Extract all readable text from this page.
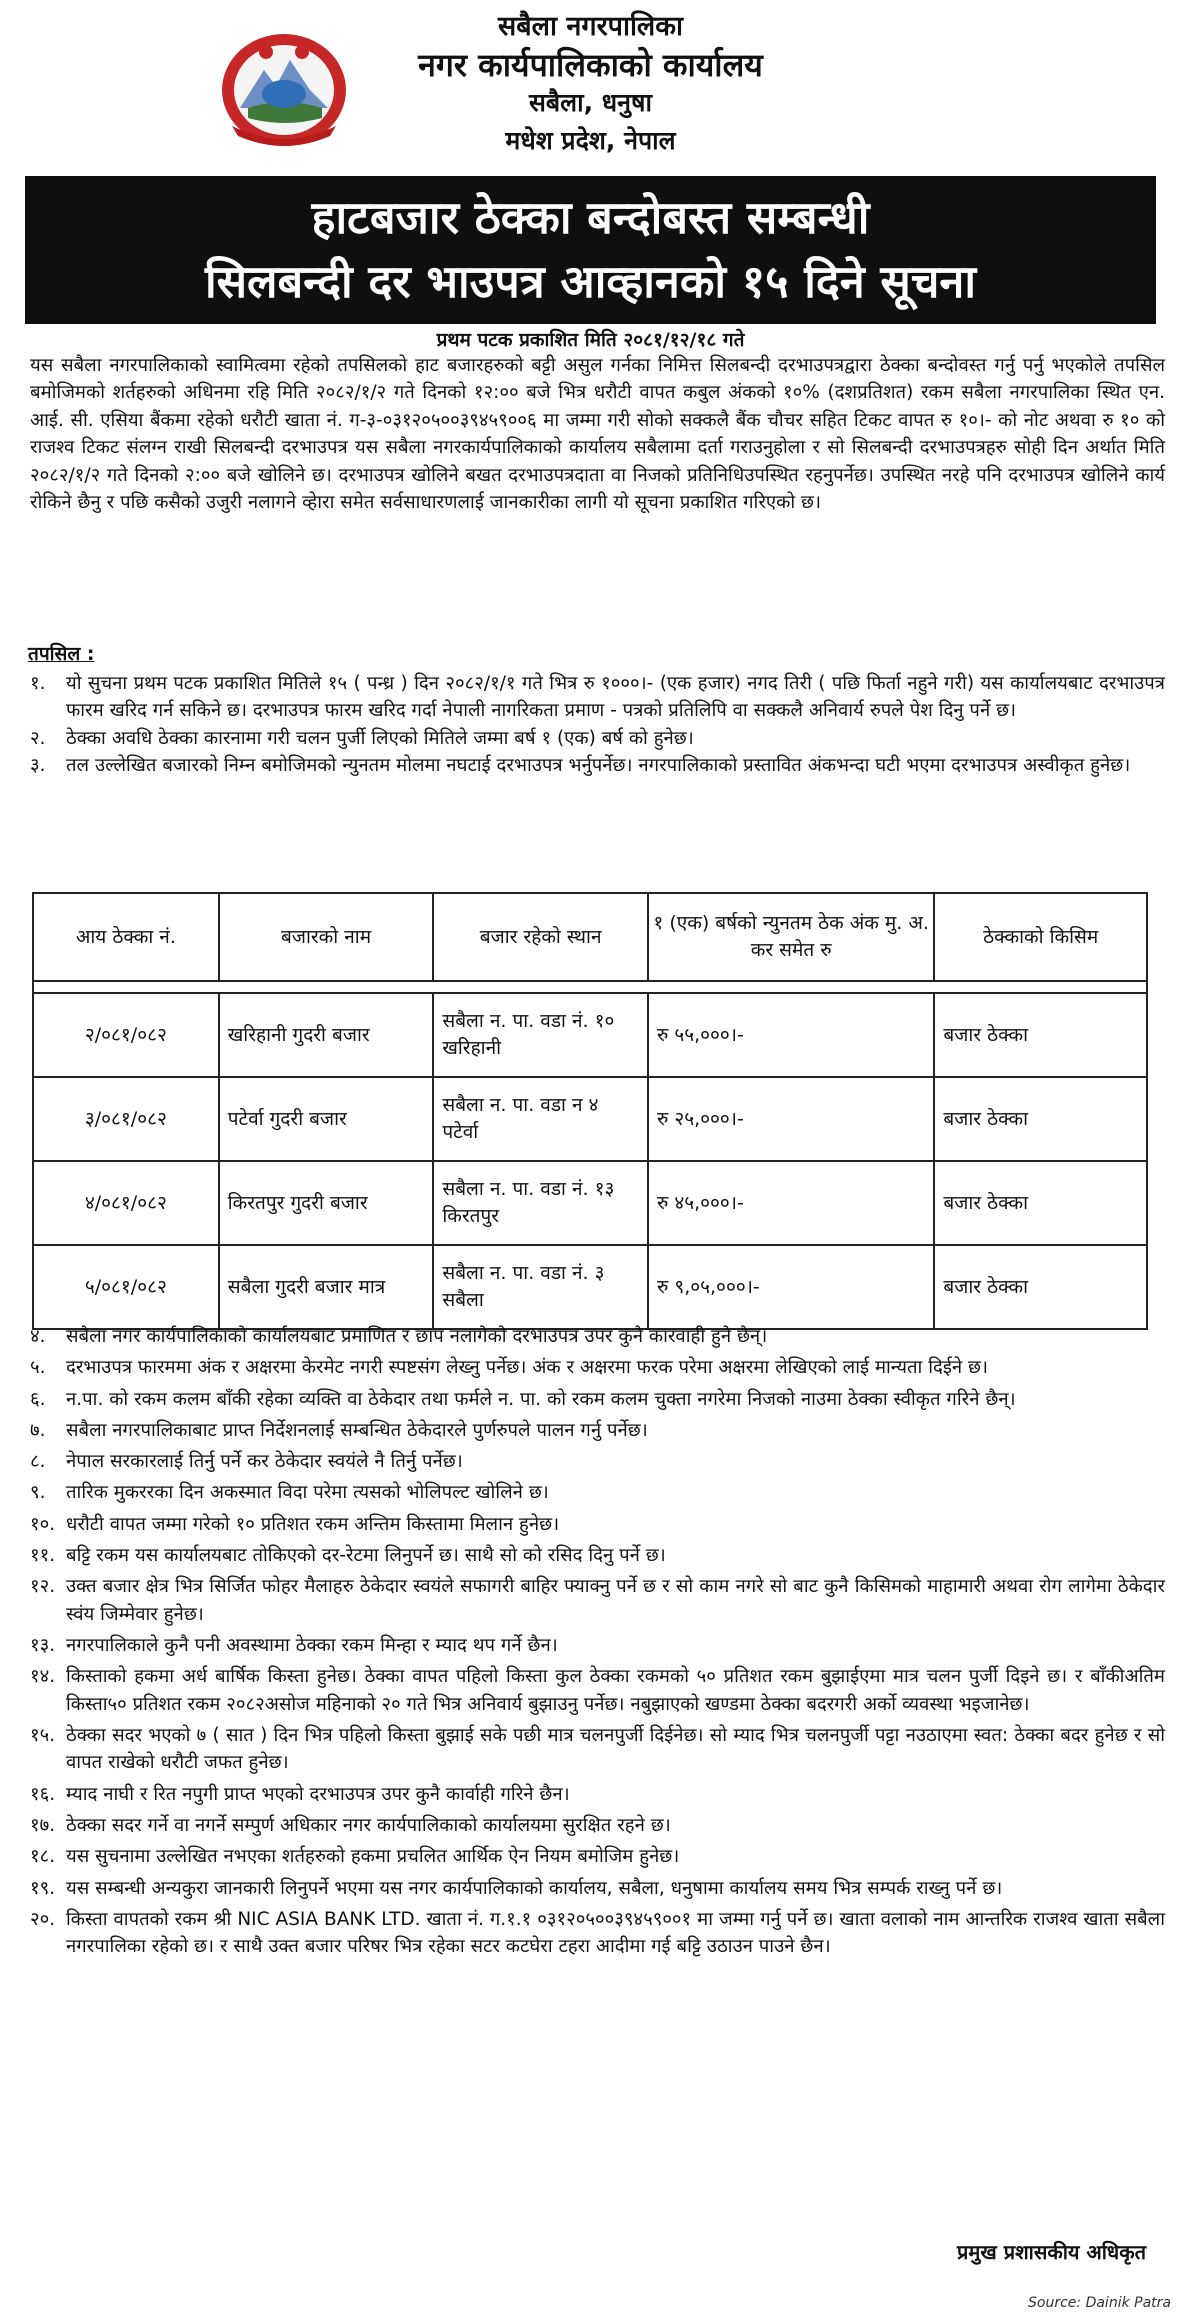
सबैला नगरपालिका
नगर कार्यपालिकाको कार्यालय
सबैला, धनुषा
मधेश प्रदेश, नेपाल
हाटबजार ठेक्का बन्दोबस्त सम्बन्धी
सिलबन्दी दर भाउपत्र आव्हानको १५ दिने सूचना
प्रथम पटक प्रकाशित मिति २०८१/१२/१८ गते

यस सबैला नगरपालिकाको स्वामित्वमा रहेको तपसिलको हाट बजारहरुको बट्टी असुल गर्नका निमित्त सिलबन्दी दरभाउपत्रद्वारा ठेक्का बन्दोवस्त गर्नु पर्नु भएकोले तपसिल बमोजिमको शर्तहरुको अधिनमा रहि मिति २०८२/१/२ गते दिनको १२:०० बजे भित्र धरौटी वापत कबुल अंकको १०% (दशप्रतिशत) रकम सबैला नगरपालिका स्थित एन. आई. सी. एसिया बैंकमा रहेको धरौटी खाता नं. ग-३-०३१२०५००३९४५९००६ मा जम्मा गरी सोको सक्कलै बैंक चौचर सहित टिकट वापत रु १०।- को नोट अथवा रु १० को राजश्व टिकट संलग्न राखी सिलबन्दी दरभाउपत्र यस सबैला नगरकार्यपालिकाको कार्यालय सबैलामा दर्ता गराउनुहोला र सो सिलबन्दी दरभाउपत्रहरु सोही दिन अर्थात मिति २०८२/१/२ गते दिनको २:०० बजे खोलिने छ। दरभाउपत्र खोलिने बखत दरभाउपत्रदाता वा निजको प्रतिनिधिउपस्थित रहनुपर्नेछ। उपस्थित नरहे पनि दरभाउपत्र खोलिने कार्य रोकिने छैनु र पछि कसैको उजुरी नलागने व्हेारा समेत सर्वसाधारणलाई जानकारीका लागी यो सूचना प्रकाशित गरिएको छ।

तपसिल :
१.	यो सुचना प्रथम पटक प्रकाशित मितिले १५ ( पन्ध्र ) दिन २०८२/१/१ गते भित्र रु १०००।- (एक हजार) नगद तिरी ( पछि फिर्ता नहुने गरी) यस कार्यालयबाट दरभाउपत्र फारम खरिद गर्न सकिने छ। दरभाउपत्र फारम खरिद गर्दा नेपाली नागरिकता प्रमाण - पत्रको प्रतिलिपि वा सक्कलै अनिवार्य रुपले पेश दिनु पर्ने छ।
२.	ठेक्का अवधि ठेक्का कारनामा गरी चलन पुर्जी लिएको मितिले जम्मा बर्ष १ (एक) बर्ष को हुनेछ।
३.	तल उल्लेखित बजारको निम्न बमोजिमको न्युनतम मोलमा नघटाई दरभाउपत्र भर्नुपर्नेछ। नगरपालिकाको प्रस्तावित अंकभन्दा घटी भएमा दरभाउपत्र अस्वीकृत हुनेछ।
आय ठेक्का नं.	बजारको नाम	बजार रहेको स्थान	१ (एक) बर्षको न्युनतम ठेक अंक मु. अ. कर समेत रु	ठेक्काको किसिम

२/०८१/०८२	खरिहानी गुदरी बजार	सबैला न. पा. वडा नं. १० खरिहानी	रु ५५,०००।-	बजार ठेक्का
३/०८१/०८२	पटेर्वा गुदरी बजार	सबैला न. पा. वडा न ४ पटेर्वा	रु २५,०००।-	बजार ठेक्का
४/०८१/०८२	किरतपुर गुदरी बजार	सबैला न. पा. वडा नं. १३ किरतपुर	रु ४५,०००।-	बजार ठेक्का
५/०८१/०८२	सबैला गुदरी बजार मात्र	सबैला न. पा. वडा नं. ३ सबैला	रु ९,०५,०००।-	बजार ठेक्का
४.	सबैला नगर कार्यपालिकाको कार्यालयबाट प्रमाणित र छाप नलागेको दरभाउपत्र उपर कुनै कारवाही हुने छैन्।
५.	दरभाउपत्र फारममा अंक र अक्षरमा केरमेट नगरी स्पष्टसंग लेख्नु पर्नेछ। अंक र अक्षरमा फरक परेमा अक्षरमा लेखिएको लाई मान्यता दिईने छ।
६.	न.पा. को रकम कलम बाँकी रहेका व्यक्ति वा ठेकेदार तथा फर्मले न. पा. को रकम कलम चुक्ता नगरेमा निजको नाउमा ठेक्का स्वीकृत गरिने छैन्।
७.	सबैला नगरपालिकाबाट प्राप्त निर्देशनलाई सम्बन्धित ठेकेदारले पुर्णरुपले पालन गर्नु पर्नेछ।
८.	नेपाल सरकारलाई तिर्नु पर्ने कर ठेकेदार स्वयंले नै तिर्नु पर्नेछ।
९.	तारिक मुकररका दिन अकस्मात विदा परेमा त्यसको भोलिपल्ट खोलिने छ।
१०. धरौटी वापत जम्मा गरेको १० प्रतिशत रकम अन्तिम किस्तामा मिलान हुनेछ।
११. बट्टि रकम यस कार्यालयबाट तोकिएको दर-रेटमा लिनुपर्ने छ। साथै सो को रसिद दिनु पर्ने छ।
१२. उक्त बजार क्षेत्र भित्र सिर्जित फोहर मैलाहरु ठेकेदार स्वयंले सफागरी बाहिर फ्याक्नु पर्ने छ र सो काम नगरे सो बाट कुनै किसिमको माहामारी अथवा रोग लागेमा ठेकेदार स्वंय जिम्मेवार हुनेछ।
१३. नगरपालिकाले कुनै पनी अवस्थामा ठेक्का रकम मिन्हा र म्याद थप गर्ने छैन।
१४. किस्ताको हकमा अर्ध बार्षिक किस्ता हुनेछ। ठेक्का वापत पहिलो किस्ता कुल ठेक्का रकमको ५० प्रतिशत रकम बुझाईएमा मात्र चलन पुर्जी दिइने छ। र बाँकीअतिम किस्ता५० प्रतिशत रकम २०८२असोज महिनाको २० गते भित्र अनिवार्य बुझाउनु पर्नेछ। नबुझाएको खण्डमा ठेक्का बदरगरी अर्को व्यवस्था भइजानेछ।
१५. ठेक्का सदर भएको ७ ( सात ) दिन भित्र पहिलो किस्ता बुझाई सके पछी मात्र चलनपुर्जी दिईनेछ। सो म्याद भित्र चलनपुर्जी पट्टा नउठाएमा स्वत: ठेक्का बदर हुनेछ र सो वापत राखेको धरौटी जफत हुनेछ।
१६. म्याद नाघी र रित नपुगी प्राप्त भएको दरभाउपत्र उपर कुनै कार्वाही गरिने छैन।
१७. ठेक्का सदर गर्ने वा नगर्ने सम्पुर्ण अधिकार नगर कार्यपालिकाको कार्यालयमा सुरक्षित रहने छ।
१८. यस सुचनामा उल्लेखित नभएका शर्तहरुको हकमा प्रचलित आर्थिक ऐन नियम बमोजिम हुनेछ।
१९. यस सम्बन्धी अन्यकुरा जानकारी लिनुपर्ने भएमा यस नगर कार्यपालिकाको कार्यालय, सबैला, धनुषामा कार्यालय समय भित्र सम्पर्क राख्नु पर्ने छ।
२०. किस्ता वापतको रकम श्री NIC ASIA BANK LTD. खाता नं. ग.१.१ ०३१२०५००३९४५९००१ मा जम्मा गर्नु पर्ने छ। खाता वलाको नाम आन्तरिक राजश्व खाता सबैला नगरपालिका रहेको छ। र साथै उक्त बजार परिषर भित्र रहेका सटर कटघेरा टहरा आदीमा गई बट्टि उठाउन पाउने छैन।
प्रमुख प्रशासकीय अधिकृत
Source: Dainik Patra
